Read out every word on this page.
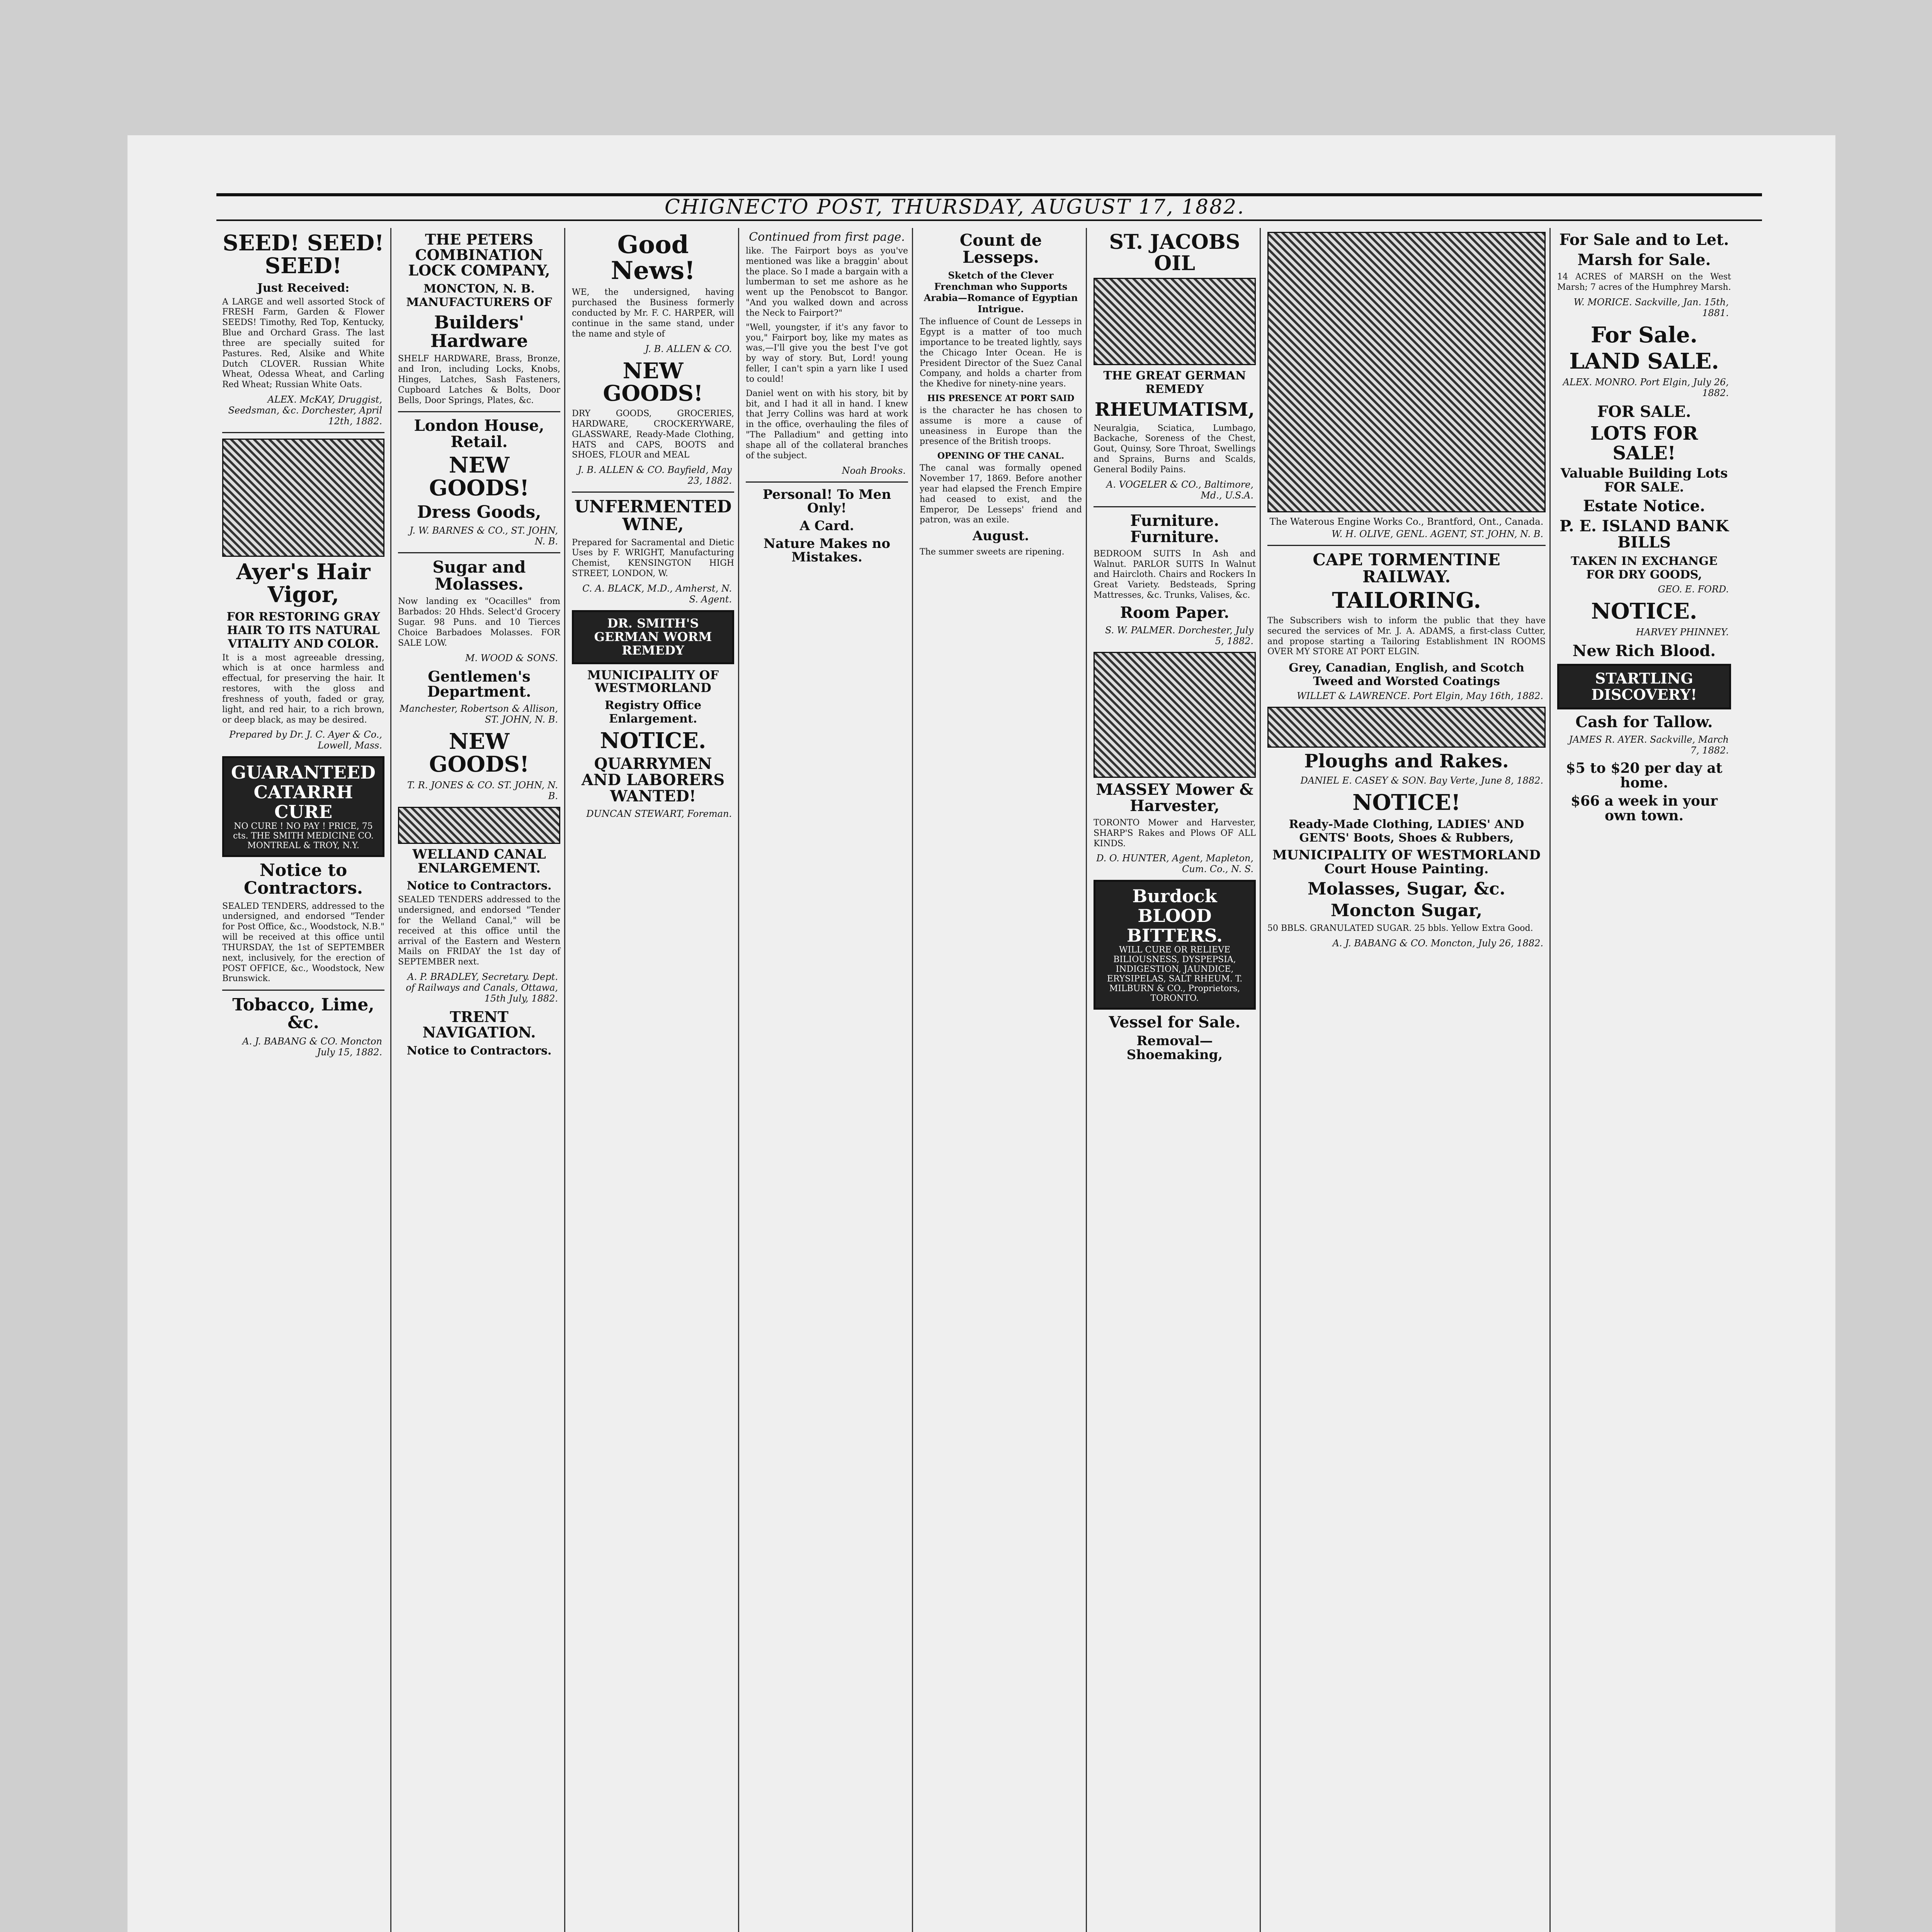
CHIGNECTO POST, THURSDAY, AUGUST 17, 1882.
SEED! SEED! SEED!
Just Received:

A LARGE and well assorted Stock of FRESH Farm, Garden & Flower SEEDS! Timothy, Red Top, Kentucky, Blue and Orchard Grass. The last three are specially suited for Pastures. Red, Alsike and White Dutch CLOVER. Russian White Wheat, Odessa Wheat, and Carling Red Wheat; Russian White Oats.

ALEX. McKAY, Druggist, Seedsman, &c. Dorchester, April 12th, 1882.
Ayer's Hair Vigor,
FOR RESTORING GRAY HAIR TO ITS NATURAL VITALITY AND COLOR.

It is a most agreeable dressing, which is at once harmless and effectual, for preserving the hair. It restores, with the gloss and freshness of youth, faded or gray, light, and red hair, to a rich brown, or deep black, as may be desired.

Prepared by Dr. J. C. Ayer & Co., Lowell, Mass.
GUARANTEED CATARRH CURE
NO CURE ! NO PAY ! PRICE, 75 cts. THE SMITH MEDICINE CO. MONTREAL & TROY, N.Y.
Notice to Contractors.

SEALED TENDERS, addressed to the undersigned, and endorsed "Tender for Post Office, &c., Woodstock, N.B." will be received at this office until THURSDAY, the 1st of SEPTEMBER next, inclusively, for the erection of POST OFFICE, &c., Woodstock, New Brunswick.

Tobacco, Lime, &c.
A. J. BABANG & CO. Moncton July 15, 1882.
THE PETERS COMBINATION LOCK COMPANY,
MONCTON, N. B. MANUFACTURERS OF
Builders' Hardware

SHELF HARDWARE, Brass, Bronze, and Iron, including Locks, Knobs, Hinges, Latches, Sash Fasteners, Cupboard Latches & Bolts, Door Bells, Door Springs, Plates, &c.

London House, Retail.
NEW GOODS!
Dress Goods,
J. W. BARNES & CO., ST. JOHN, N. B.
Sugar and Molasses.

Now landing ex "Ocacilles" from Barbados: 20 Hhds. Select'd Grocery Sugar. 98 Puns. and 10 Tierces Choice Barbadoes Molasses. FOR SALE LOW.

M. WOOD & SONS.
Gentlemen's Department.
Manchester, Robertson & Allison, ST. JOHN, N. B.
NEW GOODS!
T. R. JONES & CO. ST. JOHN, N. B.
WELLAND CANAL ENLARGEMENT.
Notice to Contractors.

SEALED TENDERS addressed to the undersigned, and endorsed "Tender for the Welland Canal," will be received at this office until the arrival of the Eastern and Western Mails on FRIDAY the 1st day of SEPTEMBER next.

A. P. BRADLEY, Secretary. Dept. of Railways and Canals, Ottawa, 15th July, 1882.
TRENT NAVIGATION.
Notice to Contractors.
Good News!

WE, the undersigned, having purchased the Business formerly conducted by Mr. F. C. HARPER, will continue in the same stand, under the name and style of

J. B. ALLEN & CO.
NEW GOODS!

DRY GOODS, GROCERIES, HARDWARE, CROCKERYWARE, GLASSWARE, Ready-Made Clothing, HATS and CAPS, BOOTS and SHOES, FLOUR and MEAL

J. B. ALLEN & CO. Bayfield, May 23, 1882.
UNFERMENTED WINE,

Prepared for Sacramental and Dietic Uses by F. WRIGHT, Manufacturing Chemist, KENSINGTON HIGH STREET, LONDON, W.

C. A. BLACK, M.D., Amherst, N. S. Agent.
DR. SMITH'S GERMAN WORM REMEDY
MUNICIPALITY OF WESTMORLAND
Registry Office Enlargement.
NOTICE.
QUARRYMEN AND LABORERS WANTED!
DUNCAN STEWART, Foreman.
Continued from first page.

like. The Fairport boys as you've mentioned was like a braggin' about the place. So I made a bargain with a lumberman to set me ashore as he went up the Penobscot to Bangor. "And you walked down and across the Neck to Fairport?"

"Well, youngster, if it's any favor to you," Fairport boy, like my mates as was,—I'll give you the best I've got by way of story. But, Lord! young feller, I can't spin a yarn like I used to could!

Daniel went on with his story, bit by bit, and I had it all in hand. I knew that Jerry Collins was hard at work in the office, overhauling the files of "The Palladium" and getting into shape all of the collateral branches of the subject.

Noah Brooks.
Personal! To Men Only!
A Card.
Nature Makes no Mistakes.
Count de Lesseps.
Sketch of the Clever Frenchman who Supports Arabia—Romance of Egyptian Intrigue.

The influence of Count de Lesseps in Egypt is a matter of too much importance to be treated lightly, says the Chicago Inter Ocean. He is President Director of the Suez Canal Company, and holds a charter from the Khedive for ninety-nine years.

HIS PRESENCE AT PORT SAID

is the character he has chosen to assume is more a cause of uneasiness in Europe than the presence of the British troops.

OPENING OF THE CANAL.

The canal was formally opened November 17, 1869. Before another year had elapsed the French Empire had ceased to exist, and the Emperor, De Lesseps' friend and patron, was an exile.

August.

The summer sweets are ripening.

ST. JACOBS OIL
THE GREAT GERMAN REMEDY
RHEUMATISM,

Neuralgia, Sciatica, Lumbago, Backache, Soreness of the Chest, Gout, Quinsy, Sore Throat, Swellings and Sprains, Burns and Scalds, General Bodily Pains.

A. VOGELER & CO., Baltimore, Md., U.S.A.
Furniture. Furniture.

BEDROOM SUITS In Ash and Walnut. PARLOR SUITS In Walnut and Haircloth. Chairs and Rockers In Great Variety. Bedsteads, Spring Mattresses, &c. Trunks, Valises, &c.

Room Paper.
S. W. PALMER. Dorchester, July 5, 1882.
MASSEY Mower & Harvester,

TORONTO Mower and Harvester, SHARP'S Rakes and Plows OF ALL KINDS.

D. O. HUNTER, Agent, Mapleton, Cum. Co., N. S.
Burdock BLOOD BITTERS.
WILL CURE OR RELIEVE BILIOUSNESS, DYSPEPSIA, INDIGESTION, JAUNDICE, ERYSIPELAS, SALT RHEUM. T. MILBURN & CO., Proprietors, TORONTO.
Vessel for Sale.
Removal—Shoemaking,
The Waterous Engine Works Co., Brantford, Ont., Canada.
W. H. OLIVE, GENL. AGENT, ST. JOHN, N. B.
CAPE TORMENTINE RAILWAY.
TAILORING.

The Subscribers wish to inform the public that they have secured the services of Mr. J. A. ADAMS, a first-class Cutter, and propose starting a Tailoring Establishment IN ROOMS OVER MY STORE AT PORT ELGIN.

Grey, Canadian, English, and Scotch Tweed and Worsted Coatings
WILLET & LAWRENCE. Port Elgin, May 16th, 1882.
Ploughs and Rakes.
DANIEL E. CASEY & SON. Bay Verte, June 8, 1882.
NOTICE!
Ready-Made Clothing, LADIES' AND GENTS' Boots, Shoes & Rubbers,
MUNICIPALITY OF WESTMORLAND Court House Painting.
Molasses, Sugar, &c.
Moncton Sugar,

50 BBLS. GRANULATED SUGAR. 25 bbls. Yellow Extra Good.

A. J. BABANG & CO. Moncton, July 26, 1882.
For Sale and to Let.
Marsh for Sale.

14 ACRES of MARSH on the West Marsh; 7 acres of the Humphrey Marsh.

W. MORICE. Sackville, Jan. 15th, 1881.
For Sale.
LAND SALE.
ALEX. MONRO. Port Elgin, July 26, 1882.
FOR SALE.
LOTS FOR SALE!
Valuable Building Lots FOR SALE.
Estate Notice.
P. E. ISLAND BANK BILLS
TAKEN IN EXCHANGE FOR DRY GOODS,
GEO. E. FORD.
NOTICE.
HARVEY PHINNEY.
New Rich Blood.
STARTLING DISCOVERY!
Cash for Tallow.
JAMES R. AYER. Sackville, March 7, 1882.
$5 to $20 per day at home.
$66 a week in your own town.
